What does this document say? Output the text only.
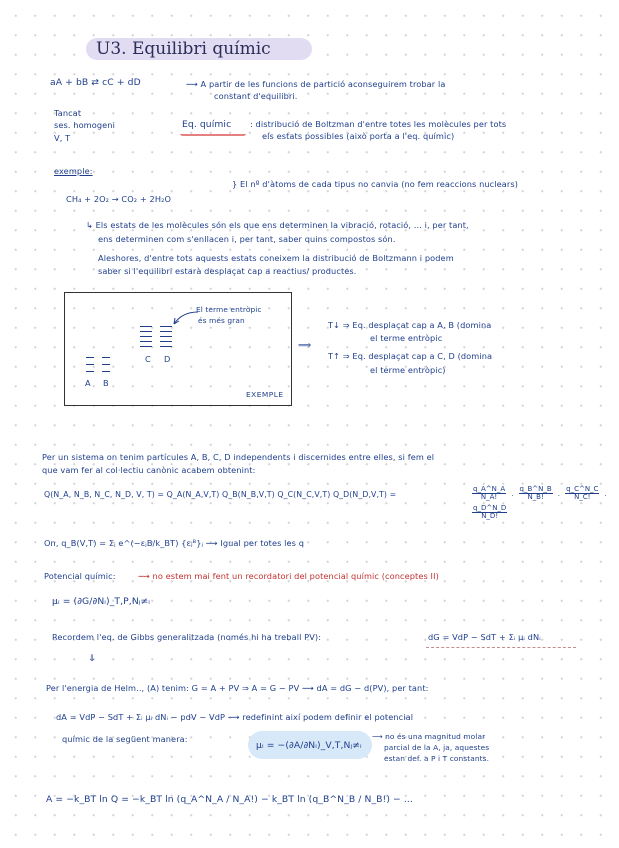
U3. Equilibri químic
aA + bB ⇄ cC + dD	⟿ A partir de les funcions de partició aconseguirem trobar la
constant d'equilibri.
Tancat
ses. homogeni
V, T
Eq. químic : distribució de Boltzman d'entre totes les molècules per tots
els estats possibles (això porta a l'eq. químic)
exemple:
CH₄ + 2O₂ → CO₂ + 2H₂O
} El nº d'àtoms de cada tipus no canvia (no fem reaccions nuclears)
↳ Els estats de les molècules són els que ens determinen la vibració, rotació, ... i, per tant,
ens determinen com s'enllacen i, per tant, saber quins compostos són.
Aleshores, d'entre tots aquests estats coneixem la distribució de Boltzmann i podem
saber si l'equilibri estarà desplaçat cap a reactius/ productes.
A B
C D
El terme entròpic
és més gran
EXEMPLE
⟹
T↓ ⇒ Eq. desplaçat cap a A, B (domina
el terme entròpic
T↑ ⇒ Eq. desplaçat cap a C, D (domina
el terme entròpic)
Per un sistema on tenim partícules A, B, C, D independents i discernides entre elles, si fem el
que vam fer al col·lectiu canònic acabem obtenint:
Q(N_A, N_B, N_C, N_D, V, T) = Q_A(N_A,V,T) Q_B(N_B,V,T) Q_C(N_C,V,T) Q_D(N_D,V,T) =	$\frac{q\_A\^{}N\_A}{N\_A!} \cdot \frac{q\_B\^{}N\_B}{N\_B!} \cdot \frac{q\_C\^{}N\_C}{N\_C!}$ ·
$\frac{q\_D\^{}N\_D}{N\_D!}$
On, q_B(V,T) = Σⱼ e^(−εⱼB/k_BT) {εⱼᴮ}ⱼ ⟿ Igual per totes les q
Potencial químic:	⟿ no estem mai fent un recordatori del potencial químic (conceptes II)
μᵢ = (∂G/∂Nᵢ)_T,P,Nⱼ≠ᵢ
Recordem l'eq. de Gibbs generalitzada (només hi ha treball PV):	dG = VdP − SdT + Σᵢ μᵢ dNᵢ
⇓
Per l'energia de Helm.., (A) tenim: G = A + PV ⇒ A = G − PV ⟿ dA = dG − d(PV), per tant:
dA = VdP − SdT + Σᵢ μᵢ dNᵢ − pdV − VdP ⟿ redefinint així podem definir el potencial
químic de la següent manera:
μᵢ = −(∂A/∂Nᵢ)_V,T,Nⱼ≠ᵢ
⟶ no és una magnitud molar
parcial de la A, ja, aquestes
estan def. a P i T constants.
A = −k_BT ln Q = −k_BT ln (q_A^N_A / N_A!) − k_BT ln (q_B^N_B / N_B!) − ...
